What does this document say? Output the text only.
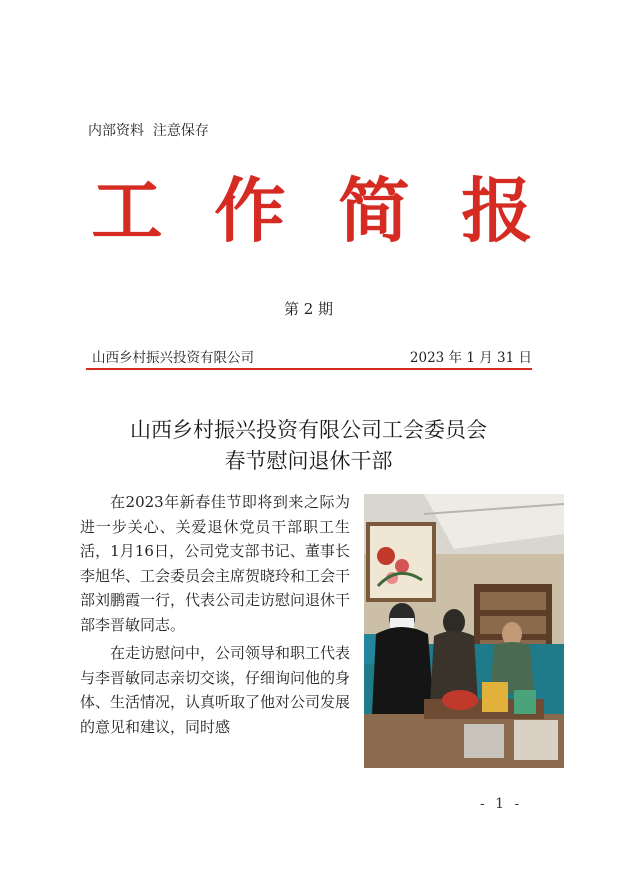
内部资料  注意保存
工 作 简 报
第 2 期
山西乡村振兴投资有限公司	2023 年 1 月 31 日
山西乡村振兴投资有限公司工会委员会
春节慰问退休干部

在2023年新春佳节即将到来之际为进一步关心、关爱退休党员干部职工生活，1月16日，公司党支部书记、董事长李旭华、工会委员会主席贺晓玲和工会干部刘鹏霞一行，代表公司走访慰问退休干部李晋敏同志。

在走访慰问中，公司领导和职工代表与李晋敏同志亲切交谈，仔细询问他的身体、生活情况，认真听取了他对公司发展的意见和建议，同时感

- 1 -
